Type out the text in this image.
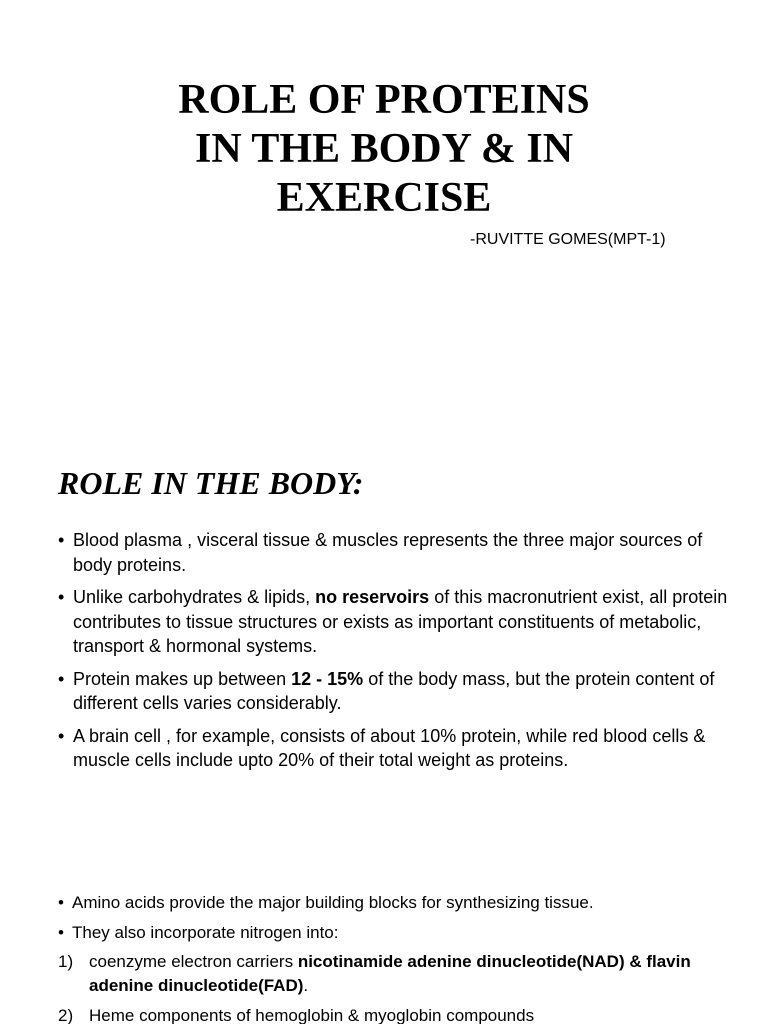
ROLE OF PROTEINS
IN THE BODY & IN
EXERCISE
-RUVITTE GOMES(MPT-1)
ROLE IN THE BODY:
• Blood plasma , visceral tissue & muscles represents the three major sources of body proteins.
• Unlike carbohydrates & lipids, no reservoirs of this macronutrient exist, all protein contributes to tissue structures or exists as important constituents of metabolic, transport & hormonal systems.
• Protein makes up between 12 - 15% of the body mass, but the protein content of different cells varies considerably.
• A brain cell , for example, consists of about 10% protein, while red blood cells & muscle cells include upto 20% of their total weight as proteins.
• Amino acids provide the major building blocks for synthesizing tissue.
• They also incorporate nitrogen into:
1) coenzyme electron carriers nicotinamide adenine dinucleotide(NAD) & flavin adenine dinucleotide(FAD).
2) Heme components of hemoglobin & myoglobin compounds
